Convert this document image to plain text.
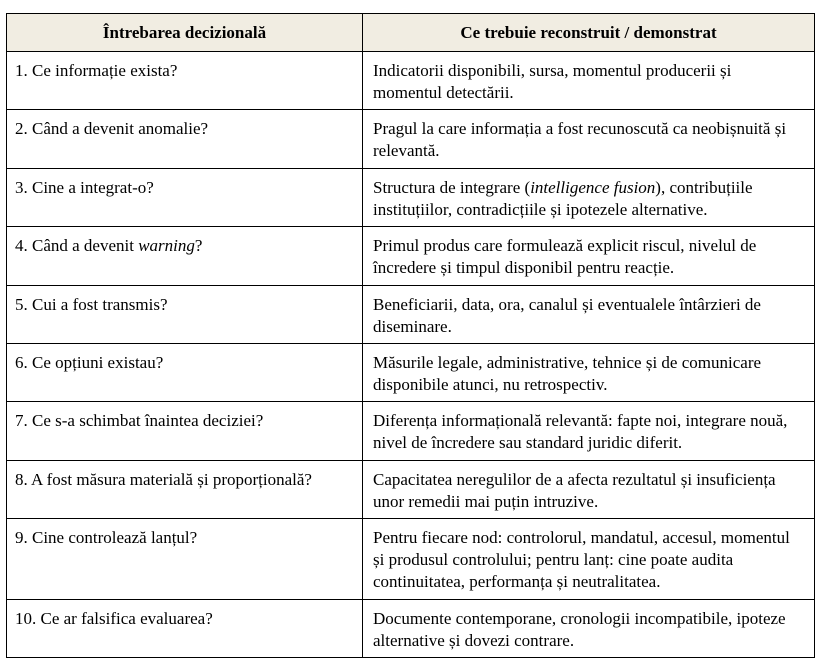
Întrebarea decizională	Ce trebuie reconstruit / demonstrat
1. Ce informație exista?	Indicatorii disponibili, sursa, momentul producerii și momentul detectării.
2. Când a devenit anomalie?	Pragul la care informația a fost recunoscută ca neobișnuită și relevantă.
3. Cine a integrat-o?	Structura de integrare (intelligence fusion), contribuțiile instituțiilor, contradicțiile și ipotezele alternative.
4. Când a devenit warning?	Primul produs care formulează explicit riscul, nivelul de încredere și timpul disponibil pentru reacție.
5. Cui a fost transmis?	Beneficiarii, data, ora, canalul și eventualele întârzieri de diseminare.
6. Ce opțiuni existau?	Măsurile legale, administrative, tehnice și de comunicare disponibile atunci, nu retrospectiv.
7. Ce s-a schimbat înaintea deciziei?	Diferența informațională relevantă: fapte noi, integrare nouă, nivel de încredere sau standard juridic diferit.
8. A fost măsura materială și proporțională?	Capacitatea neregulilor de a afecta rezultatul și insuficiența unor remedii mai puțin intruzive.
9. Cine controlează lanțul?	Pentru fiecare nod: controlorul, mandatul, accesul, momentul și produsul controlului; pentru lanț: cine poate audita continuitatea, performanța și neutralitatea.
10. Ce ar falsifica evaluarea?	Documente contemporane, cronologii incompatibile, ipoteze alternative și dovezi contrare.
